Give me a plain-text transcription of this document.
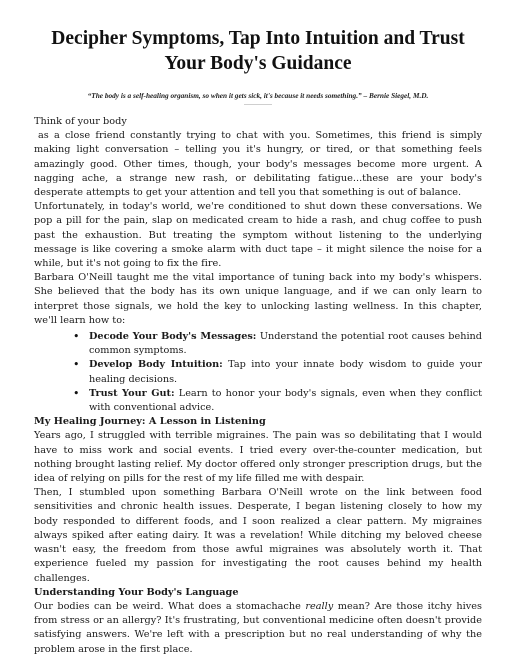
Decipher Symptoms, Tap Into Intuition and Trust Your Body's Guidance
“The body is a self-healing organism, so when it gets sick, it's because it needs something.” – Bernie Siegel, M.D.

Think of your body

as a close friend constantly trying to chat with you. Sometimes, this friend is simply making light conversation – telling you it's hungry, or tired, or that something feels amazingly good. Other times, though, your body's messages become more urgent. A nagging ache, a strange new rash, or debilitating fatigue...these are your body's desperate attempts to get your attention and tell you that something is out of balance.

Unfortunately, in today's world, we're conditioned to shut down these conversations. We pop a pill for the pain, slap on medicated cream to hide a rash, and chug coffee to push past the exhaustion. But treating the symptom without listening to the underlying message is like covering a smoke alarm with duct tape – it might silence the noise for a while, but it's not going to fix the fire.

Barbara O'Neill taught me the vital importance of tuning back into my body's whispers. She believed that the body has its own unique language, and if we can only learn to interpret those signals, we hold the key to unlocking lasting wellness. In this chapter, we'll learn how to:

• Decode Your Body's Messages: Understand the potential root causes behind common symptoms.
• Develop Body Intuition: Tap into your innate body wisdom to guide your healing decisions.
• Trust Your Gut: Learn to honor your body's signals, even when they conflict with conventional advice.
My Healing Journey: A Lesson in Listening

Years ago, I struggled with terrible migraines. The pain was so debilitating that I would have to miss work and social events. I tried every over-the-counter medication, but nothing brought lasting relief. My doctor offered only stronger prescription drugs, but the idea of relying on pills for the rest of my life filled me with despair.

Then, I stumbled upon something Barbara O'Neill wrote on the link between food sensitivities and chronic health issues. Desperate, I began listening closely to how my body responded to different foods, and I soon realized a clear pattern. My migraines always spiked after eating dairy. It was a revelation! While ditching my beloved cheese wasn't easy, the freedom from those awful migraines was absolutely worth it. That experience fueled my passion for investigating the root causes behind my health challenges.

Understanding Your Body's Language

Our bodies can be weird. What does a stomachache really mean? Are those itchy hives from stress or an allergy? It's frustrating, but conventional medicine often doesn't provide satisfying answers. We're left with a prescription but no real understanding of why the problem arose in the first place.
